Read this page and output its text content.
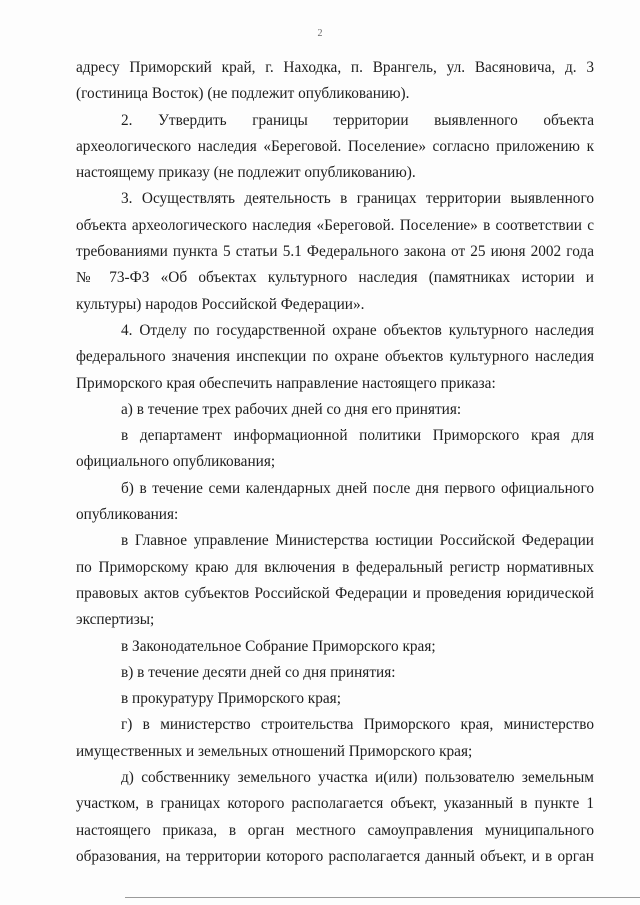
2

адресу Приморский край, г. Находка, п. Врангель, ул. Васяновича, д. 3 (гостиница Восток) (не подлежит опубликованию).

2. Утвердить границы территории выявленного объекта археологического наследия «Береговой. Поселение» согласно приложению к настоящему приказу (не подлежит опубликованию).

3. Осуществлять деятельность в границах территории выявленного объекта археологического наследия «Береговой. Поселение» в соответствии с требованиями пункта 5 статьи 5.1 Федерального закона от 25 июня 2002 года № 73-ФЗ «Об объектах культурного наследия (памятниках истории и культуры) народов Российской Федерации».

4. Отделу по государственной охране объектов культурного наследия федерального значения инспекции по охране объектов культурного наследия Приморского края обеспечить направление настоящего приказа:

а) в течение трех рабочих дней со дня его принятия:

в департамент информационной политики Приморского края для официального опубликования;

б) в течение семи календарных дней после дня первого официального опубликования:

в Главное управление Министерства юстиции Российской Федерации по Приморскому краю для включения в федеральный регистр нормативных правовых актов субъектов Российской Федерации и проведения юридической экспертизы;

в Законодательное Собрание Приморского края;

в) в течение десяти дней со дня принятия:

в прокуратуру Приморского края;

г) в министерство строительства Приморского края, министерство имущественных и земельных отношений Приморского края;

д) собственнику земельного участка и(или) пользователю земельным участком, в границах которого располагается объект, указанный в пункте 1 настоящего приказа, в орган местного самоуправления муниципального образования, на территории которого располагается данный объект, и в орган
